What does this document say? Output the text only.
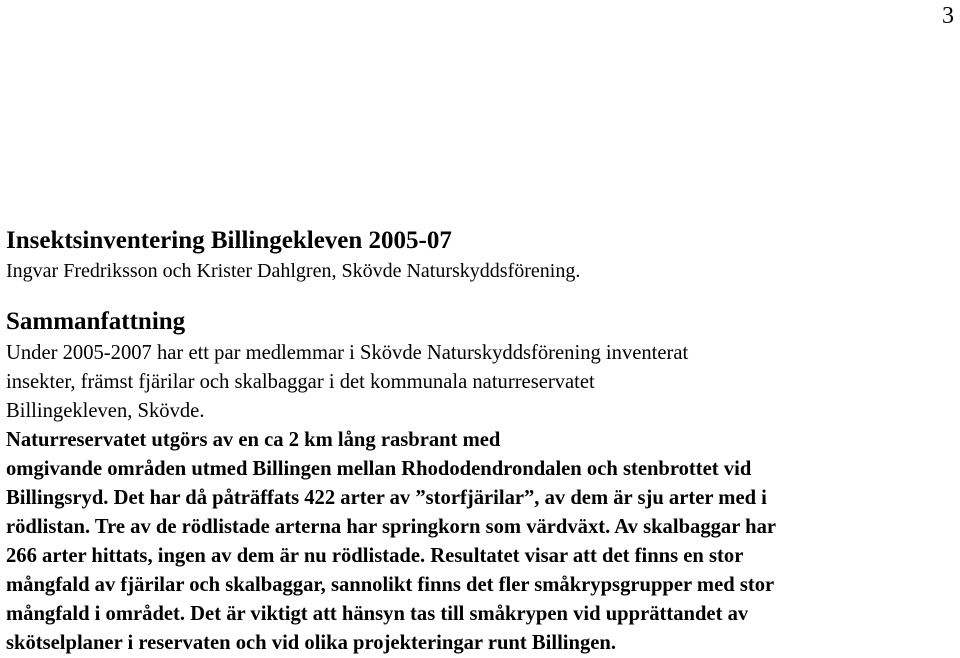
3
Insektsinventering Billingekleven 2005-07

Ingvar Fredriksson och Krister Dahlgren, Skövde Naturskyddsförening.

Sammanfattning

Under 2005-2007 har ett par medlemmar i Skövde Naturskyddsförening inventerat
insekter, främst fjärilar och skalbaggar i det kommunala naturreservatet
Billingekleven, Skövde.

Naturreservatet utgörs av en ca 2 km lång rasbrant med
omgivande områden utmed Billingen mellan Rhododendrondalen och stenbrottet vid
Billingsryd. Det har då påträffats 422 arter av ”storfjärilar”, av dem är sju arter med i
rödlistan. Tre av de rödlistade arterna har springkorn som värdväxt. Av skalbaggar har
266 arter hittats, ingen av dem är nu rödlistade. Resultatet visar att det finns en stor
mångfald av fjärilar och skalbaggar, sannolikt finns det fler småkrypsgrupper med stor
mångfald i området. Det är viktigt att hänsyn tas till småkrypen vid upprättandet av
skötselplaner i reservaten och vid olika projekteringar runt Billingen.
